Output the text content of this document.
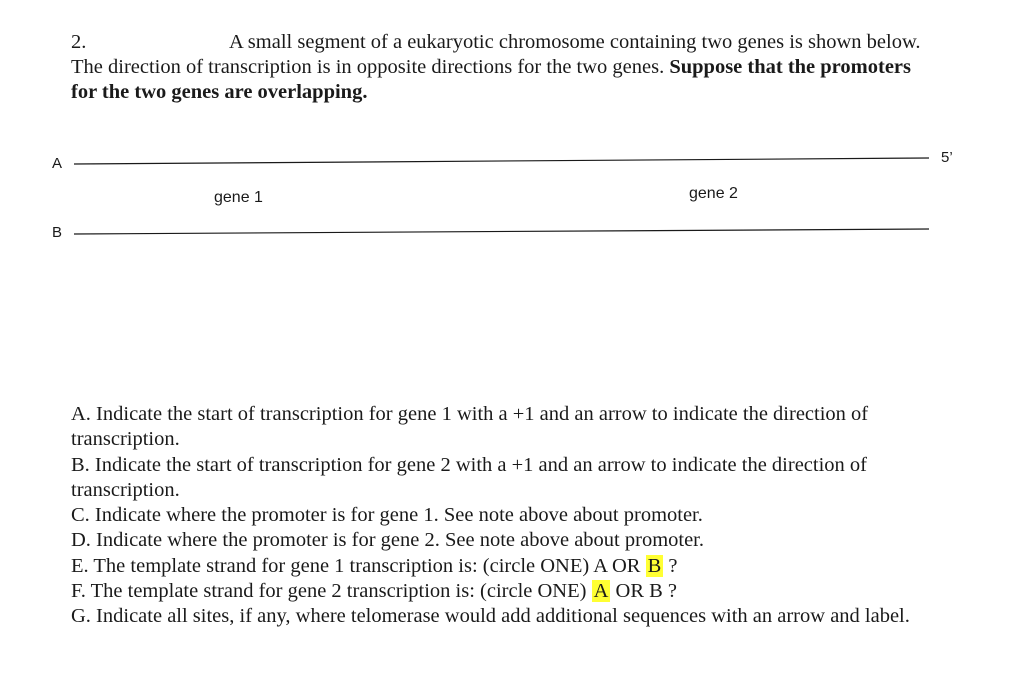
2.	A small segment of a eukaryotic chromosome containing two genes is shown below. The direction of transcription is in opposite directions for the two genes. Suppose that the promoters for the two genes are overlapping.
A
B
5’
gene 1	gene 2

A. Indicate the start of transcription for gene 1 with a +1 and an arrow to indicate the direction of transcription.

B. Indicate the start of transcription for gene 2 with a +1 and an arrow to indicate the direction of transcription.

C. Indicate where the promoter is for gene 1. See note above about promoter.

D. Indicate where the promoter is for gene 2. See note above about promoter.

E. The template strand for gene 1 transcription is: (circle ONE) A OR B ?

F. The template strand for gene 2 transcription is: (circle ONE) A OR B ?

G. Indicate all sites, if any, where telomerase would add additional sequences with an arrow and label.
